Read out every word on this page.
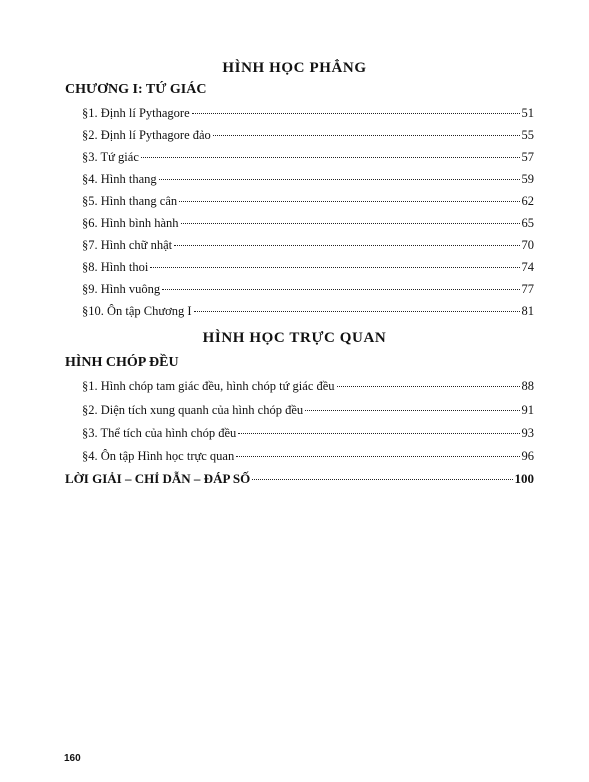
HÌNH HỌC PHẲNG
CHƯƠNG I: TỨ GIÁC
§1. Định lí Pythagore	51
§2. Định lí Pythagore đảo	55
§3. Tứ giác	57
§4. Hình thang	59
§5. Hình thang cân	62
§6. Hình bình hành	65
§7. Hình chữ nhật	70
§8. Hình thoi	74
§9. Hình vuông	77
§10. Ôn tập Chương I	81
HÌNH HỌC TRỰC QUAN
HÌNH CHÓP ĐỀU
§1. Hình chóp tam giác đều, hình chóp tứ giác đều	88
§2. Diện tích xung quanh của hình chóp đều	91
§3. Thể tích của hình chóp đều	93
§4. Ôn tập Hình học trực quan	96
LỜI GIẢI – CHỈ DẪN – ĐÁP SỐ	100
160
